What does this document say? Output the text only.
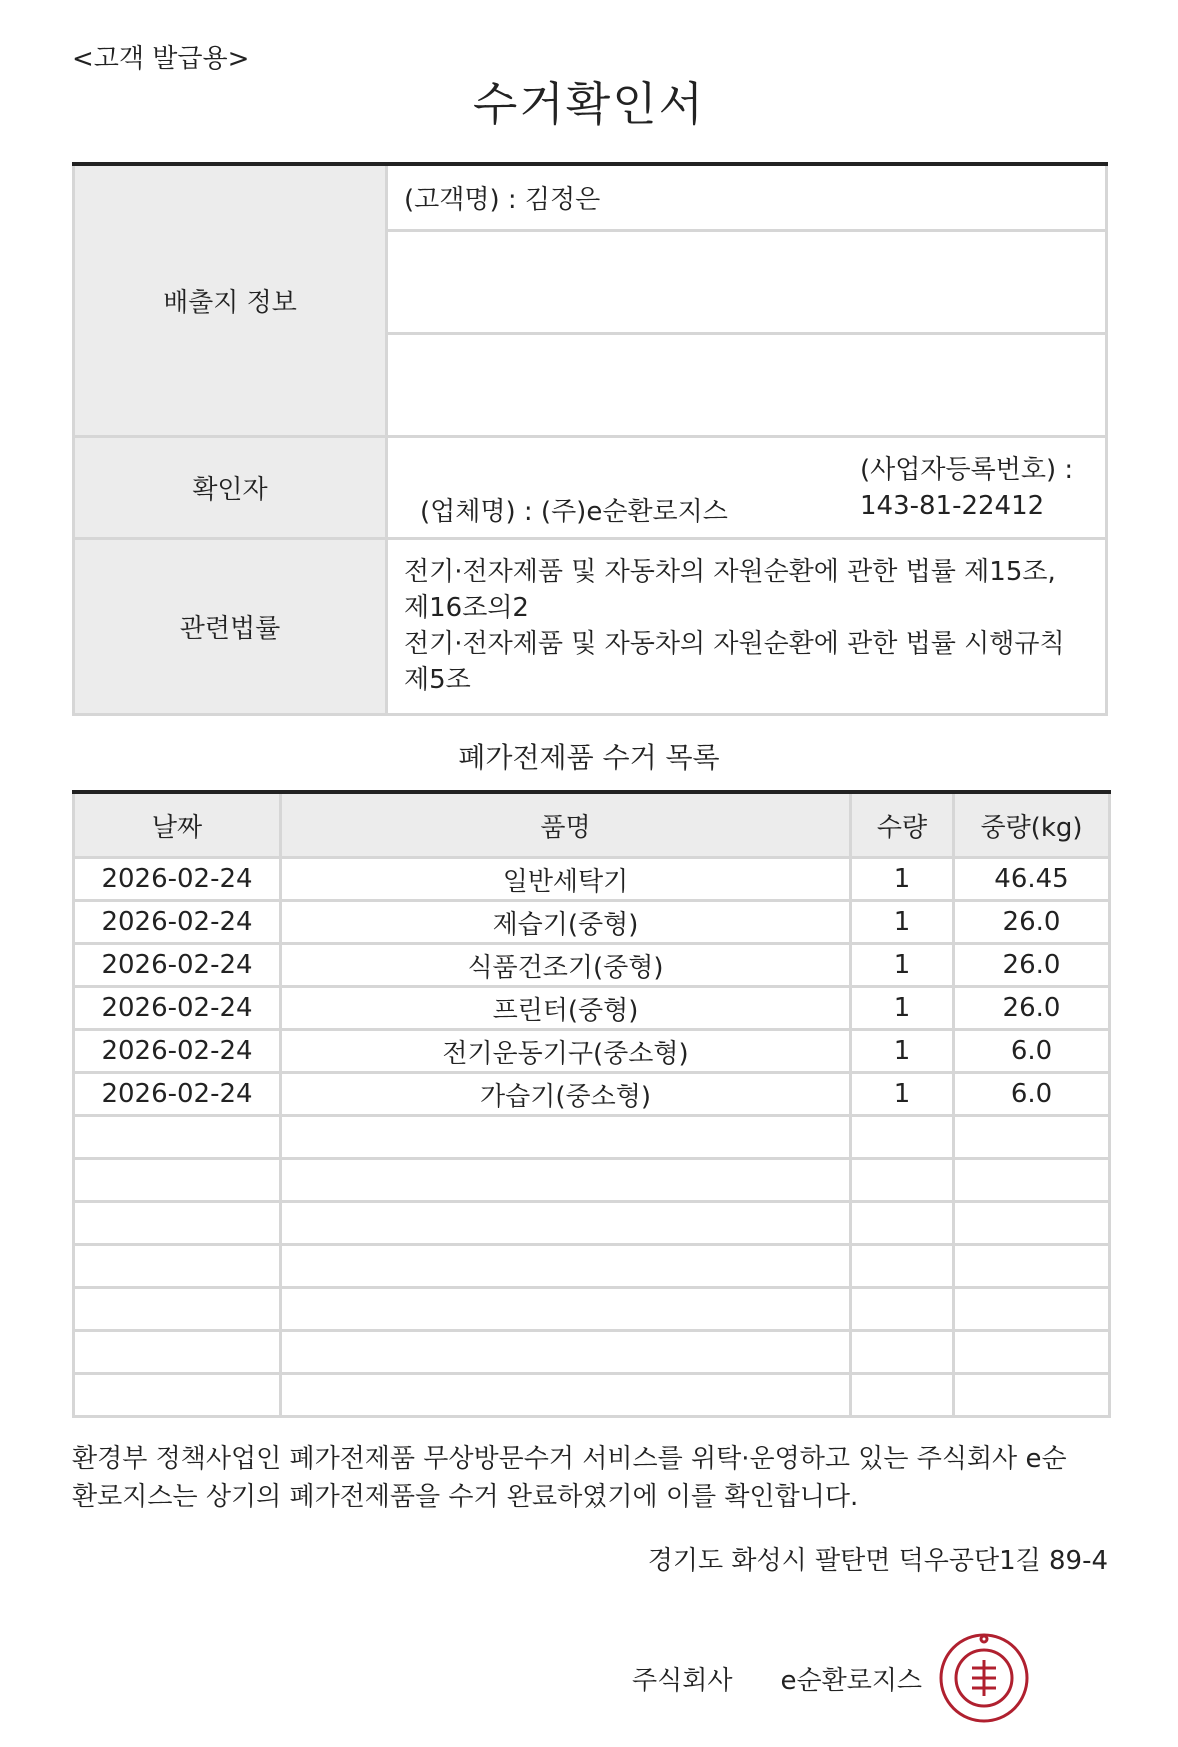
<고객 발급용>
수거확인서
배출지 정보	(고객명) : 김정은

확인자	(업체명) : (주)e순환로지스
(사업자등록번호) :
143-81-22412

관련법률	전기·전자제품 및 자동차의 자원순환에 관한 법률 제15조,
제16조의2
전기·전자제품 및 자동차의 자원순환에 관한 법률 시행규칙
제5조
폐가전제품 수거 목록
날짜	품명	수량	중량(kg)
2026-02-24	일반세탁기	1	46.45
2026-02-24	제습기(중형)	1	26.0
2026-02-24	식품건조기(중형)	1	26.0
2026-02-24	프린터(중형)	1	26.0
2026-02-24	전기운동기구(중소형)	1	6.0
2026-02-24	가습기(중소형)	1	6.0

환경부 정책사업인 폐가전제품 무상방문수거 서비스를 위탁·운영하고 있는 주식회사 e순
환로지스는 상기의 폐가전제품을 수거 완료하였기에 이를 확인합니다.
경기도 화성시 팔탄면 덕우공단1길 89-4
주식회사 e순환로지스
